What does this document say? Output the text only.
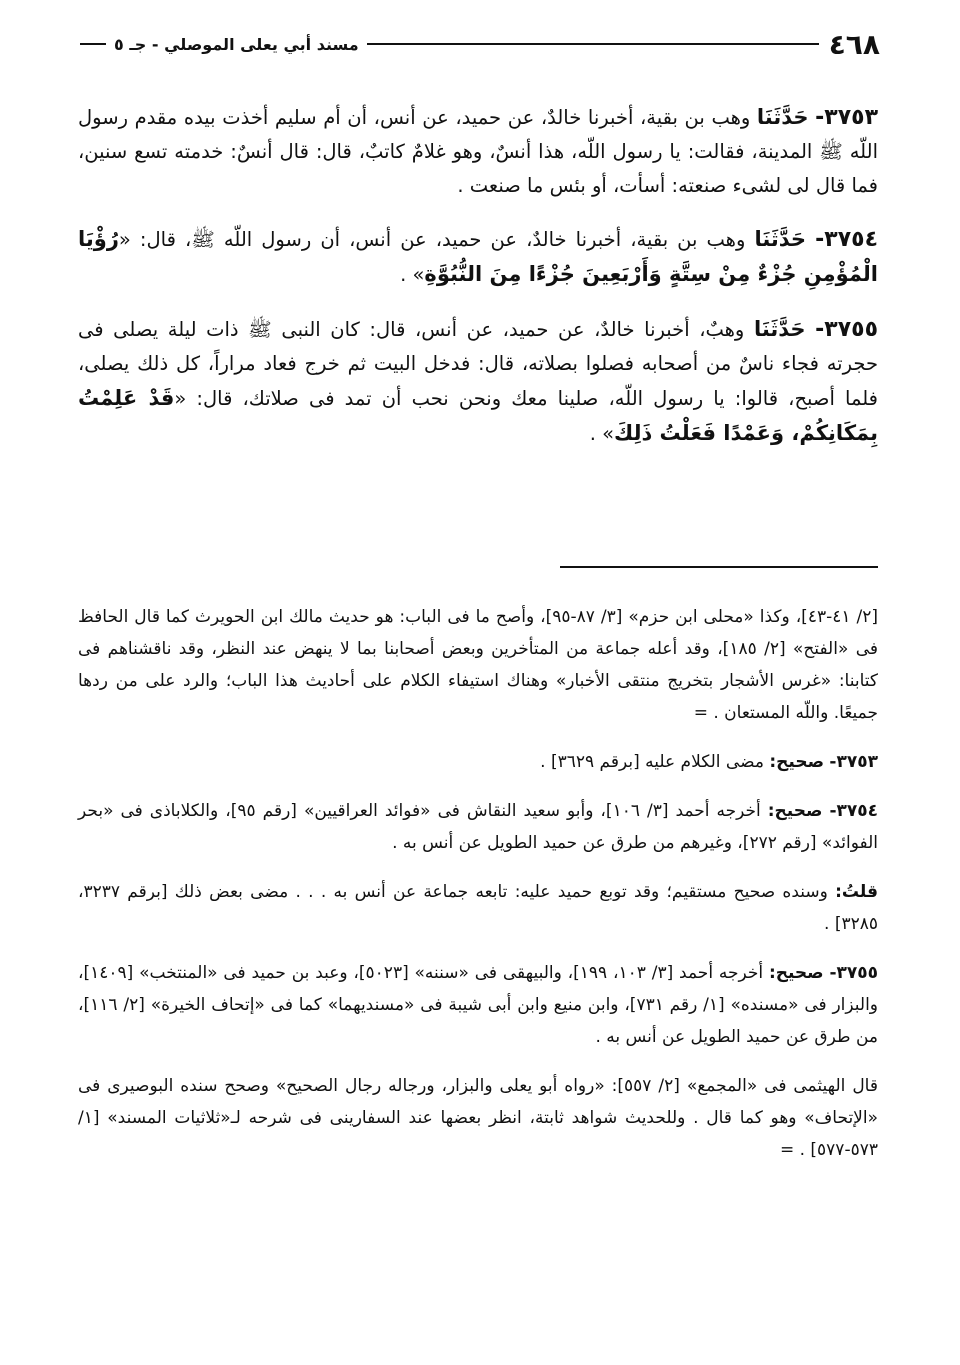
٤٦٨
مسند أبي يعلى الموصلي - جـ ٥

٣٧٥٣- حَدَّثَنَا وهب بن بقية، أخبرنا خالدٌ، عن حميد، عن أنس، أن أم سليم أخذت بيده مقدم رسول اللّه ﷺ المدينة، فقالت: يا رسول اللّه، هذا أنسٌ، وهو غلامٌ كاتبٌ، قال: قال أنسٌ: خدمته تسع سنين، فما قال لى لشىء صنعته: أسأت، أو بئس ما صنعت .

٣٧٥٤- حَدَّثَنَا وهب بن بقية، أخبرنا خالدٌ، عن حميد، عن أنس، أن رسول اللّه ﷺ، قال: «رُؤْيَا الْمُؤْمِنِ جُزْءٌ مِنْ سِتَّةٍ وَأَرْبَعِينَ جُزْءًا مِنَ النُّبُوَّةِ» .

٣٧٥٥- حَدَّثَنَا وهبٌ، أخبرنا خالدٌ، عن حميد، عن أنس، قال: كان النبى ﷺ ذات ليلة يصلى فى حجرته فجاء ناسٌ من أصحابه فصلوا بصلاته، قال: فدخل البيت ثم خرج فعاد مراراً، كل ذلك يصلى، فلما أصبح، قالوا: يا رسول اللّه، صلينا معك ونحن نحب أن تمد فى صلاتك، قال: «قَدْ عَلِمْتُ بِمَكَانِكُمْ، وَعَمْدًا فَعَلْتُ ذَلِكَ» .

[٢/ ٤١-٤٣]، وكذا «محلى ابن حزم» [٣/ ٨٧-٩٥]، وأصح ما فى الباب: هو حديث مالك ابن الحويرث كما قال الحافظ فى «الفتح» [٢/ ١٨٥]، وقد أعله جماعة من المتأخرين وبعض أصحابنا بما لا ينهض عند النظر، وقد ناقشناهم فى كتابنا: «غرس الأشجار بتخريج منتقى الأخبار» وهناك استيفاء الكلام على أحاديث هذا الباب؛ والرد على من ردها جميعًا. واللّه المستعان . =

٣٧٥٣- صحيح: مضى الكلام عليه [برقم ٣٦٢٩] .

٣٧٥٤- صحيح: أخرجه أحمد [٣/ ١٠٦]، وأبو سعيد النقاش فى «فوائد العراقيين» [رقم ٩٥]، والكلاباذى فى «بحر الفوائد» [رقم ٢٧٢]، وغيرهم من طرق عن حميد الطويل عن أنس به .

قلتُ: وسنده صحيح مستقيم؛ وقد توبع حميد عليه: تابعه جماعة عن أنس به . . . مضى بعض ذلك [برقم ٣٢٣٧، ٣٢٨٥] .

٣٧٥٥- صحيح: أخرجه أحمد [٣/ ١٠٣، ١٩٩]، والبيهقى فى «سننه» [٥٠٢٣]، وعبد بن حميد فى «المنتخب» [١٤٠٩]، والبزار فى «مسنده» [١/ رقم ٧٣١]، وابن منيع وابن أبى شيبة فى «مسنديهما» كما فى «إتحاف الخيرة» [٢/ ١١٦]، من طرق عن حميد الطويل عن أنس به .

قال الهيثمى فى «المجمع» [٢/ ٥٥٧]: «رواه أبو يعلى والبزار، ورجاله رجال الصحيح» وصحح سنده البوصيرى فى «الإتحاف» وهو كما قال . وللحديث شواهد ثابتة، انظر بعضها عند السفارينى فى شرحه لـ«ثلاثيات المسند» [١/ ٥٧٣-٥٧٧] . =
